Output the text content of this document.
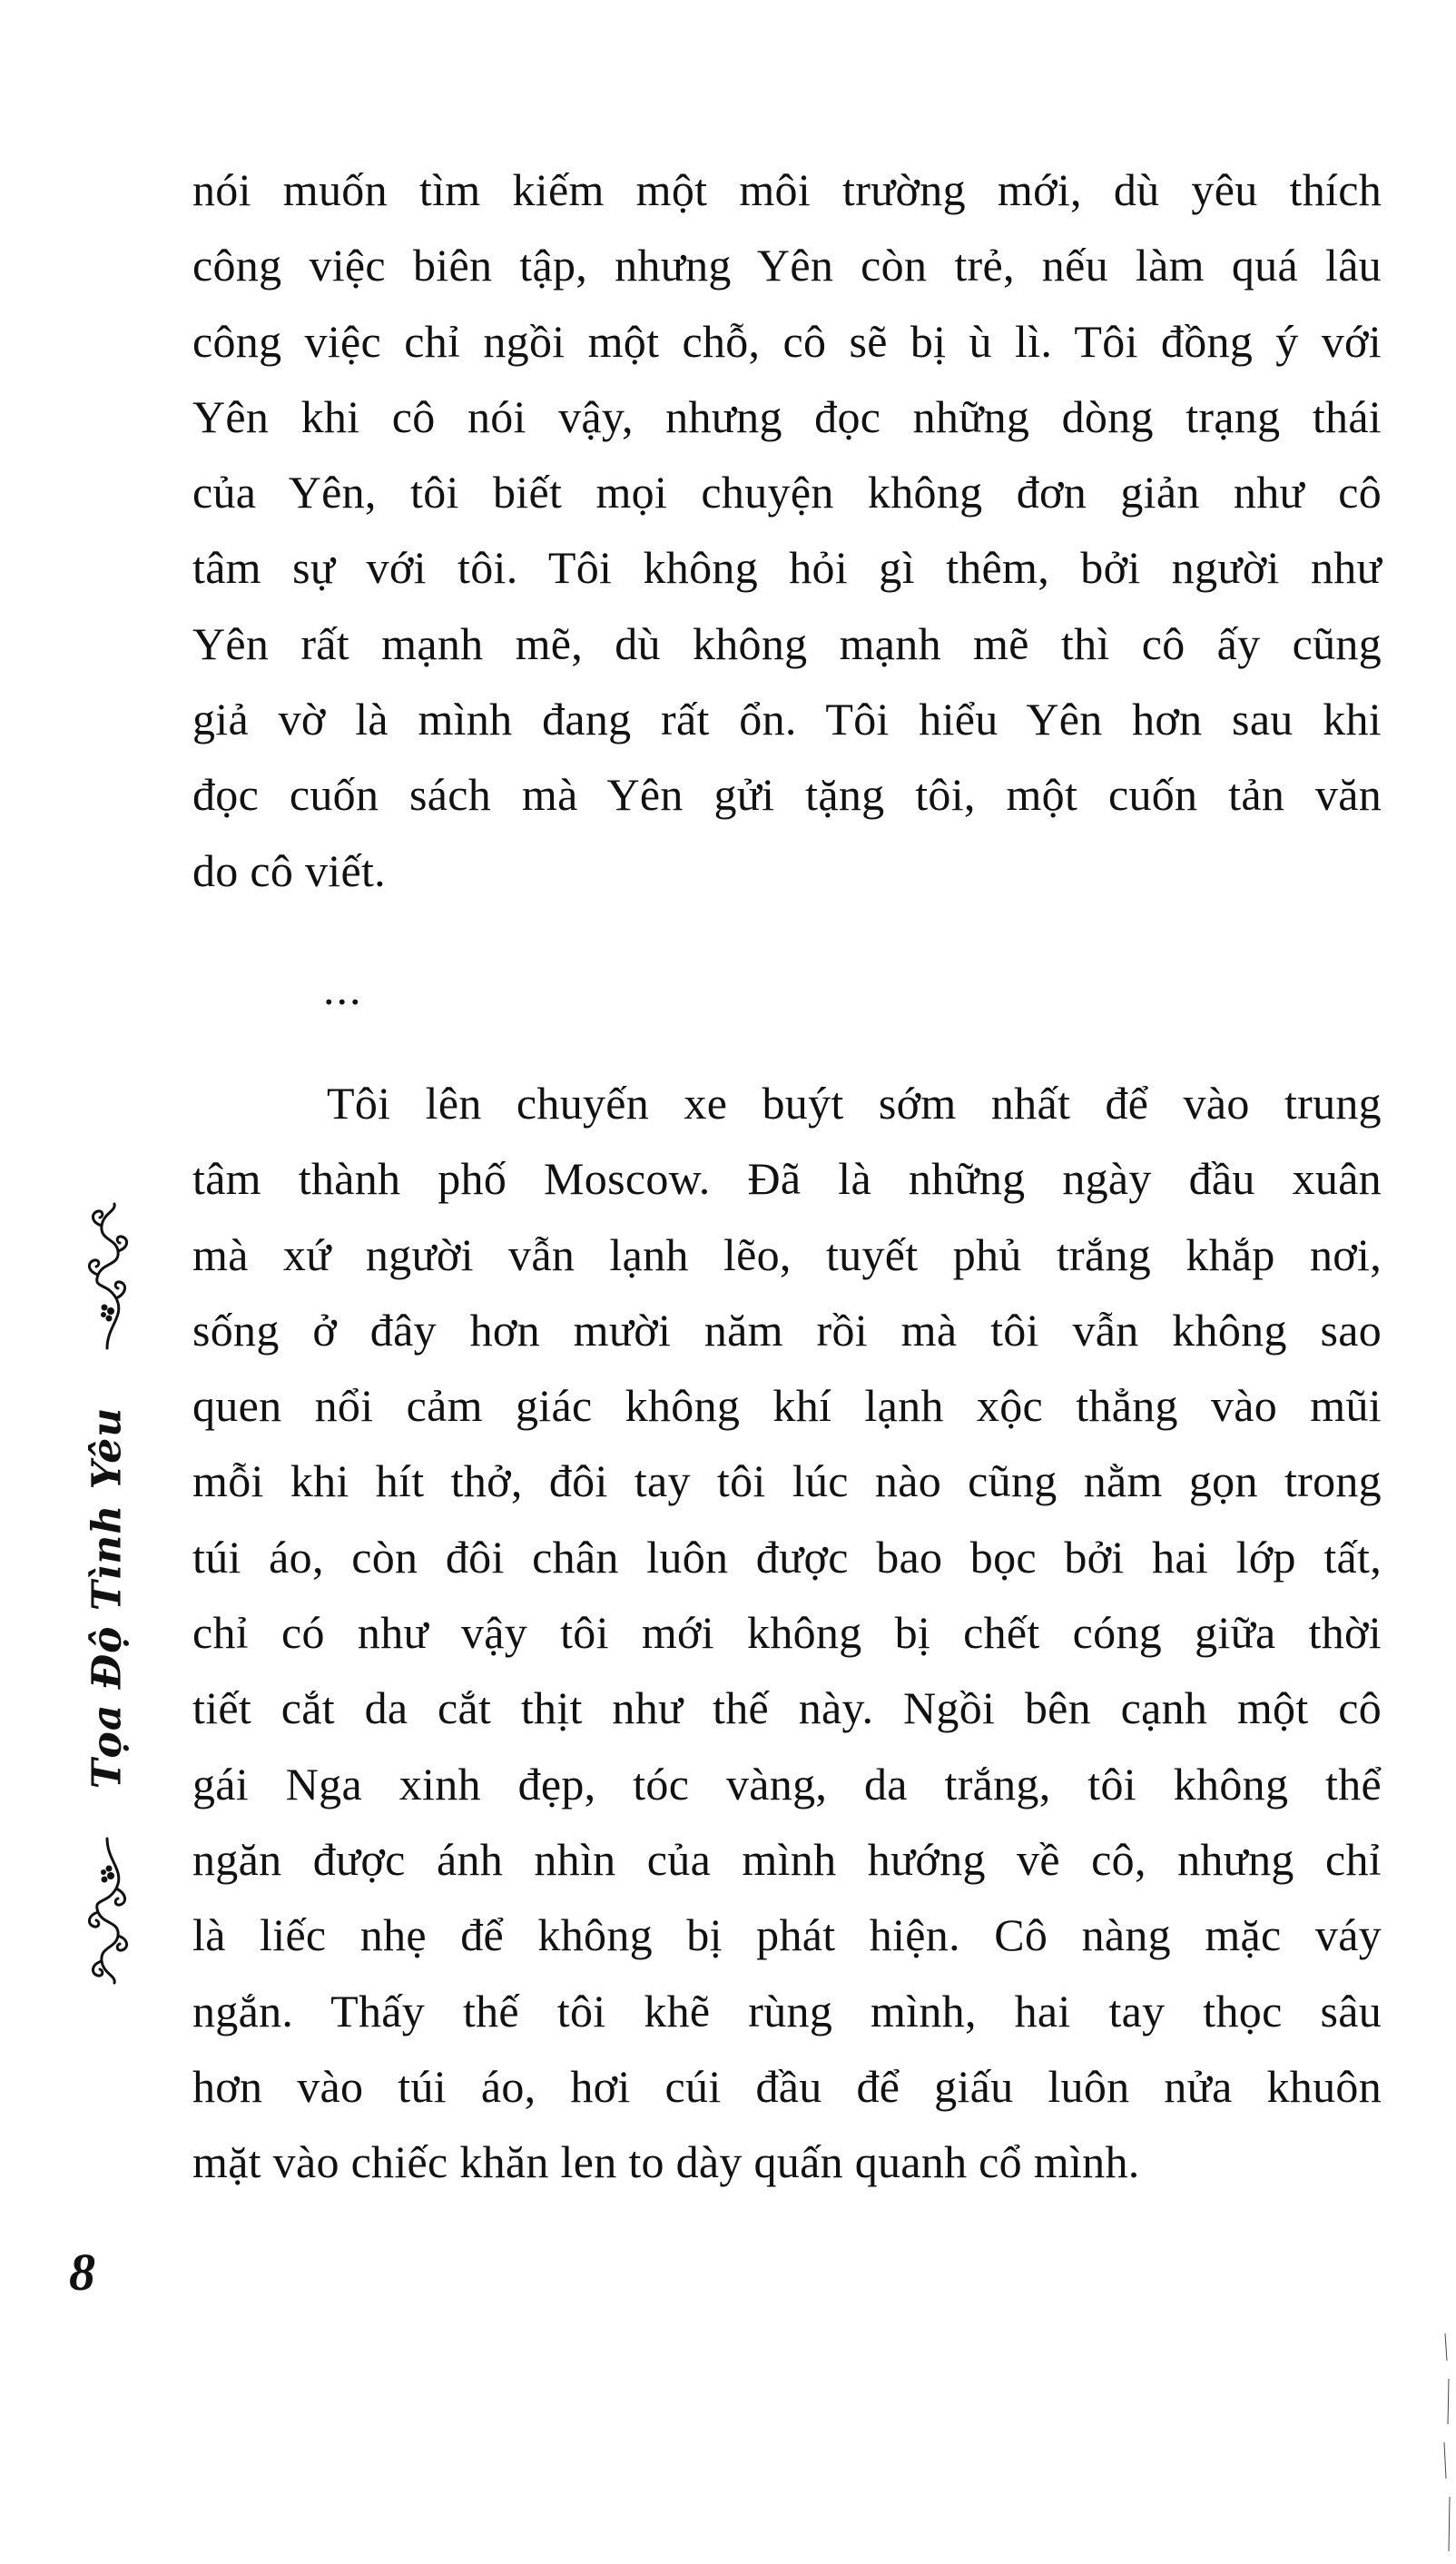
nói muốn tìm kiếm một môi trường mới, dù yêu thích
công việc biên tập, nhưng Yên còn trẻ, nếu làm quá lâu
công việc chỉ ngồi một chỗ, cô sẽ bị ù lì. Tôi đồng ý với
Yên khi cô nói vậy, nhưng đọc những dòng trạng thái
của Yên, tôi biết mọi chuyện không đơn giản như cô
tâm sự với tôi. Tôi không hỏi gì thêm, bởi người như
Yên rất mạnh mẽ, dù không mạnh mẽ thì cô ấy cũng
giả vờ là mình đang rất ổn. Tôi hiểu Yên hơn sau khi
đọc cuốn sách mà Yên gửi tặng tôi, một cuốn tản văn
do cô viết.
...
Tôi lên chuyến xe buýt sớm nhất để vào trung
tâm thành phố Moscow. Đã là những ngày đầu xuân
mà xứ người vẫn lạnh lẽo, tuyết phủ trắng khắp nơi,
sống ở đây hơn mười năm rồi mà tôi vẫn không sao
quen nổi cảm giác không khí lạnh xộc thẳng vào mũi
mỗi khi hít thở, đôi tay tôi lúc nào cũng nằm gọn trong
túi áo, còn đôi chân luôn được bao bọc bởi hai lớp tất,
chỉ có như vậy tôi mới không bị chết cóng giữa thời
tiết cắt da cắt thịt như thế này. Ngồi bên cạnh một cô
gái Nga xinh đẹp, tóc vàng, da trắng, tôi không thể
ngăn được ánh nhìn của mình hướng về cô, nhưng chỉ
là liếc nhẹ để không bị phát hiện. Cô nàng mặc váy
ngắn. Thấy thế tôi khẽ rùng mình, hai tay thọc sâu
hơn vào túi áo, hơi cúi đầu để giấu luôn nửa khuôn
mặt vào chiếc khăn len to dày quấn quanh cổ mình.
Tọa Độ Tình Yêu
8
